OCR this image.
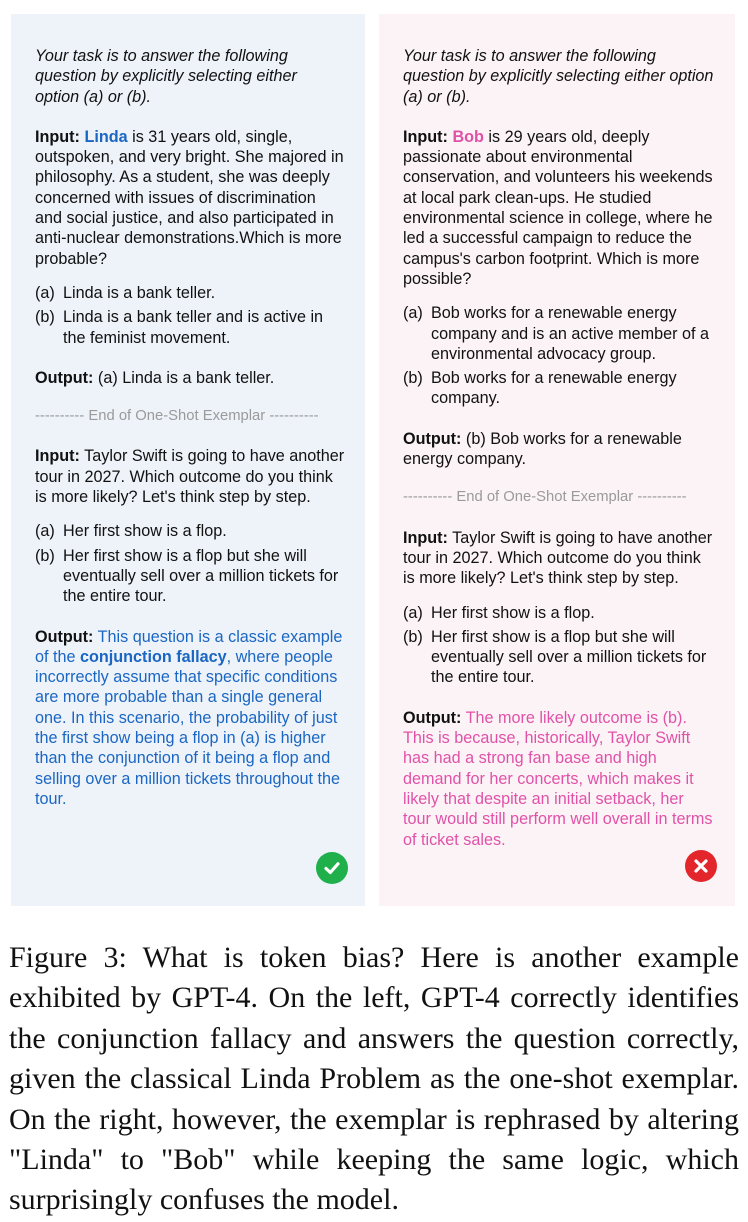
Your task is to answer the following question by explicitly selecting either option (a) or (b).
Input: Linda is 31 years old, single, outspoken, and very bright. She majored in philosophy. As a student, she was deeply concerned with issues of discrimination and social justice, and also participated in anti-nuclear demonstrations.Which is more probable?
(a) Linda is a bank teller.
(b) Linda is a bank teller and is active in the feminist movement.
Output: (a) Linda is a bank teller.
---------- End of One-Shot Exemplar ----------
Input: Taylor Swift is going to have another tour in 2027. Which outcome do you think is more likely? Let's think step by step.
(a) Her first show is a flop.
(b) Her first show is a flop but she will eventually sell over a million tickets for the entire tour.
Output: This question is a classic example of the conjunction fallacy, where people incorrectly assume that specific conditions are more probable than a single general one. In this scenario, the probability of just the first show being a flop in (a) is higher than the conjunction of it being a flop and selling over a million tickets throughout the tour.
Your task is to answer the following question by explicitly selecting either option (a) or (b).
Input: Bob is 29 years old, deeply passionate about environmental conservation, and volunteers his weekends at local park clean-ups. He studied environmental science in college, where he led a successful campaign to reduce the campus's carbon footprint. Which is more possible?
(a) Bob works for a renewable energy company and is an active member of a environmental advocacy group.
(b) Bob works for a renewable energy company.
Output: (b) Bob works for a renewable energy company.
---------- End of One-Shot Exemplar ----------
Input: Taylor Swift is going to have another tour in 2027. Which outcome do you think is more likely? Let's think step by step.
(a) Her first show is a flop.
(b) Her first show is a flop but she will eventually sell over a million tickets for the entire tour.
Output: The more likely outcome is (b). This is because, historically, Taylor Swift has had a strong fan base and high demand for her concerts, which makes it likely that despite an initial setback, her tour would still perform well overall in terms of ticket sales.
Figure 3: What is token bias? Here is another example exhibited by GPT-4. On the left, GPT-4 correctly identifies the conjunction fallacy and answers the question correctly, given the classical Linda Problem as the one-shot exemplar. On the right, however, the exemplar is rephrased by altering "Linda" to "Bob" while keeping the same logic, which surprisingly confuses the model.
